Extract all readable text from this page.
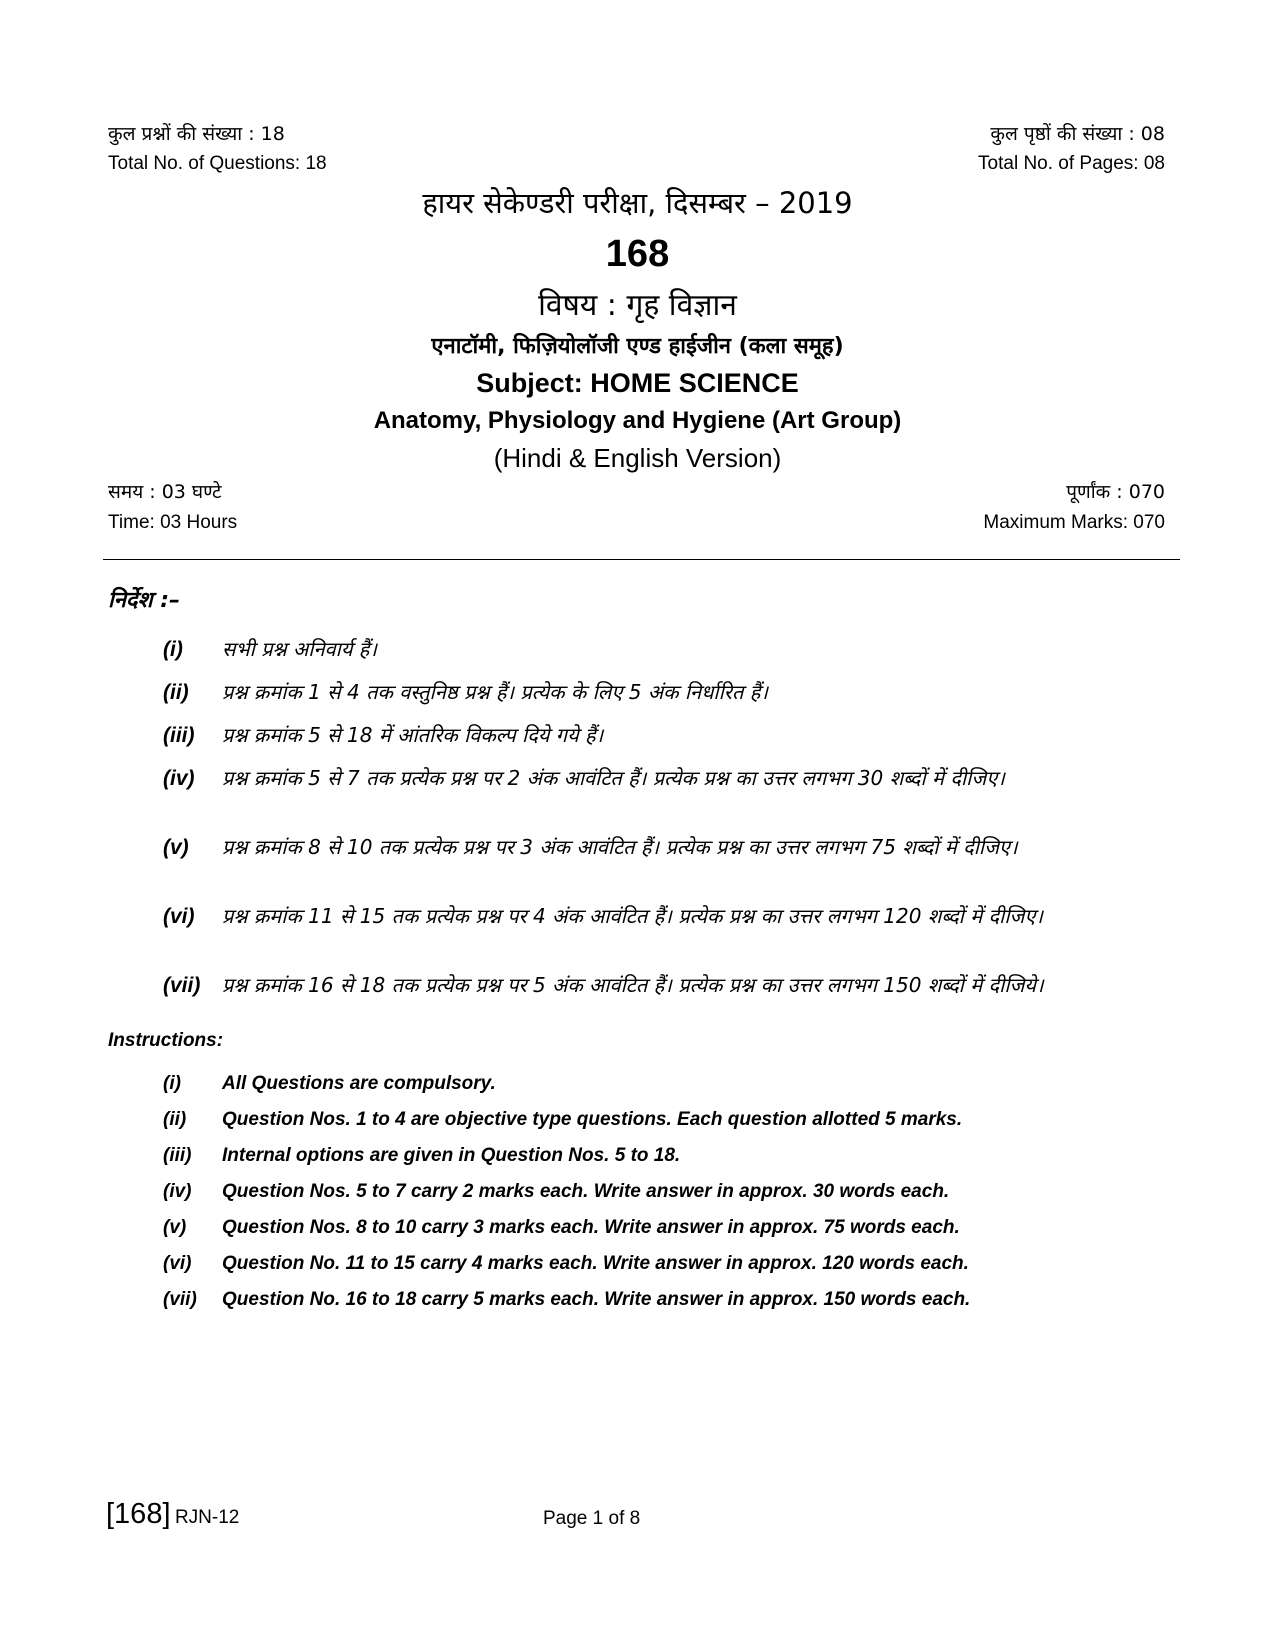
कुल प्रश्नों की संख्या : 18
Total No. of Questions: 18
कुल पृष्ठों की संख्या : 08
Total No. of Pages: 08
हायर सेकेण्डरी परीक्षा, दिसम्बर – 2019
168
विषय : गृह विज्ञान
एनाटॉमी, फिज़ियोलॉजी एण्ड हाईजीन (कला समूह)
Subject: HOME SCIENCE
Anatomy, Physiology and Hygiene (Art Group)
(Hindi & English Version)
समय : 03 घण्टे
Time: 03 Hours
पूर्णांक : 070
Maximum Marks: 070
निर्देश :–
(i) सभी प्रश्न अनिवार्य हैं।
(ii) प्रश्न क्रमांक 1 से 4 तक वस्तुनिष्ठ प्रश्न हैं। प्रत्येक के लिए 5 अंक निर्धारित हैं।
(iii) प्रश्न क्रमांक 5 से 18 में आंतरिक विकल्प दिये गये हैं।
(iv) प्रश्न क्रमांक 5 से 7 तक प्रत्येक प्रश्न पर 2 अंक आवंटित हैं। प्रत्येक प्रश्न का उत्तर लगभग 30 शब्दों में दीजिए।
(v) प्रश्न क्रमांक 8 से 10 तक प्रत्येक प्रश्न पर 3 अंक आवंटित हैं। प्रत्येक प्रश्न का उत्तर लगभग 75 शब्दों में दीजिए।
(vi) प्रश्न क्रमांक 11 से 15 तक प्रत्येक प्रश्न पर 4 अंक आवंटित हैं। प्रत्येक प्रश्न का उत्तर लगभग 120 शब्दों में दीजिए।
(vii) प्रश्न क्रमांक 16 से 18 तक प्रत्येक प्रश्न पर 5 अंक आवंटित हैं। प्रत्येक प्रश्न का उत्तर लगभग 150 शब्दों में दीजिये।
Instructions:
(i) All Questions are compulsory.
(ii) Question Nos. 1 to 4 are objective type questions. Each question allotted 5 marks.
(iii) Internal options are given in Question Nos. 5 to 18.
(iv) Question Nos. 5 to 7 carry 2 marks each. Write answer in approx. 30 words each.
(v) Question Nos. 8 to 10 carry 3 marks each. Write answer in approx. 75 words each.
(vi) Question No. 11 to 15 carry 4 marks each. Write answer in approx. 120 words each.
(vii) Question No. 16 to 18 carry 5 marks each. Write answer in approx. 150 words each.
[168] RJN-12	Page 1 of 8
